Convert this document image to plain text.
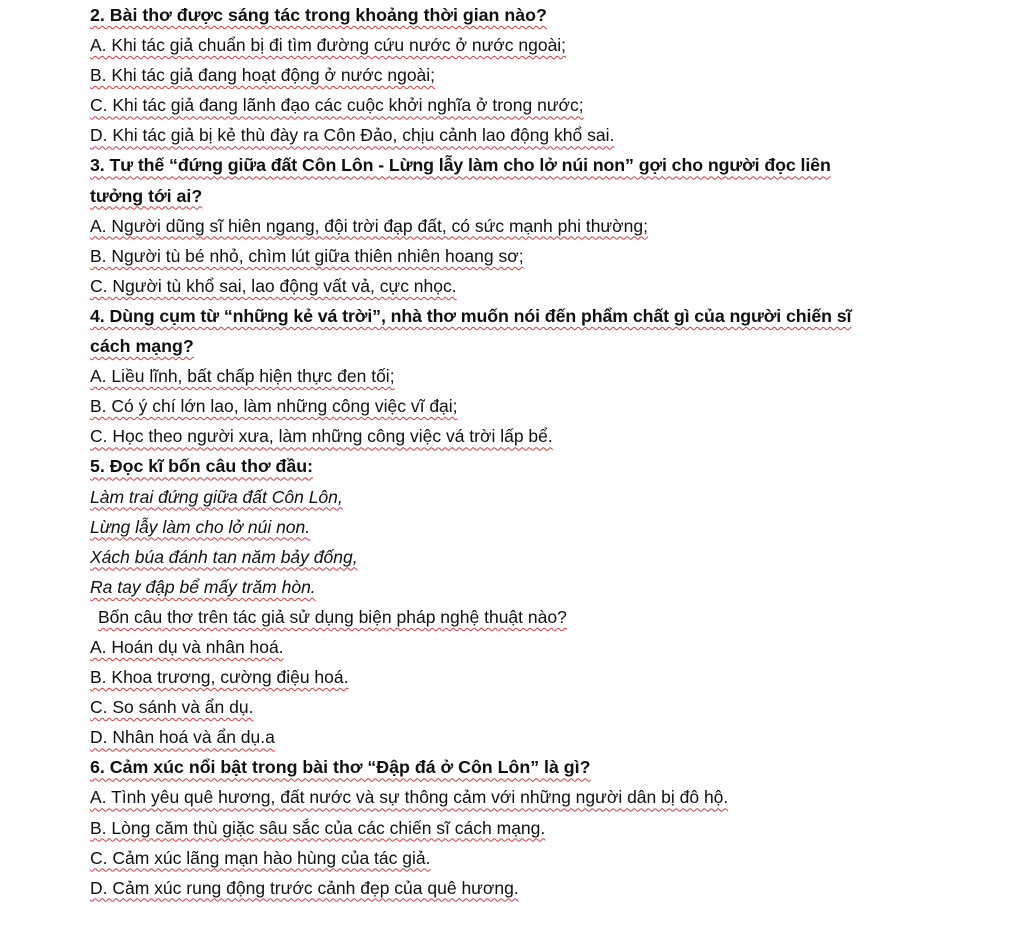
2. Bài thơ được sáng tác trong khoảng thời gian nào?
A. Khi tác giả chuẩn bị đi tìm đường cứu nước ở nước ngoài;
B. Khi tác giả đang hoạt động ở nước ngoài;
C. Khi tác giả đang lãnh đạo các cuộc khởi nghĩa ở trong nước;
D. Khi tác giả bị kẻ thù đày ra Côn Đảo, chịu cảnh lao động khổ sai.
3. Tư thế “đứng giữa đất Côn Lôn - Lừng lẫy làm cho lở núi non” gợi cho người đọc liên
tưởng tới ai?
A. Người dũng sĩ hiên ngang, đội trời đạp đất, có sức mạnh phi thường;
B. Người tù bé nhỏ, chìm lút giữa thiên nhiên hoang sơ;
C. Người tù khổ sai, lao động vất vả, cực nhọc.
4. Dùng cụm từ “những kẻ vá trời”, nhà thơ muốn nói đến phẩm chất gì của người chiến sĩ
cách mạng?
A. Liều lĩnh, bất chấp hiện thực đen tối;
B. Có ý chí lớn lao, làm những công việc vĩ đại;
C. Học theo người xưa, làm những công việc vá trời lấp bể.
5. Đọc kĩ bốn câu thơ đầu:
Làm trai đứng giữa đất Côn Lôn,
Lừng lẫy làm cho lở núi non.
Xách búa đánh tan năm bảy đống,
Ra tay đập bể mấy trăm hòn.
Bốn câu thơ trên tác giả sử dụng biện pháp nghệ thuật nào?
A. Hoán dụ và nhân hoá.
B. Khoa trương, cường điệu hoá.
C. So sánh và ẩn dụ.
D. Nhân hoá và ẩn dụ.a
6. Cảm xúc nổi bật trong bài thơ “Đập đá ở Côn Lôn” là gì?
A. Tình yêu quê hương, đất nước và sự thông cảm với những người dân bị đô hộ.
B. Lòng căm thù giặc sâu sắc của các chiến sĩ cách mạng.
C. Cảm xúc lãng mạn hào hùng của tác giả.
D. Cảm xúc rung động trước cảnh đẹp của quê hương.
